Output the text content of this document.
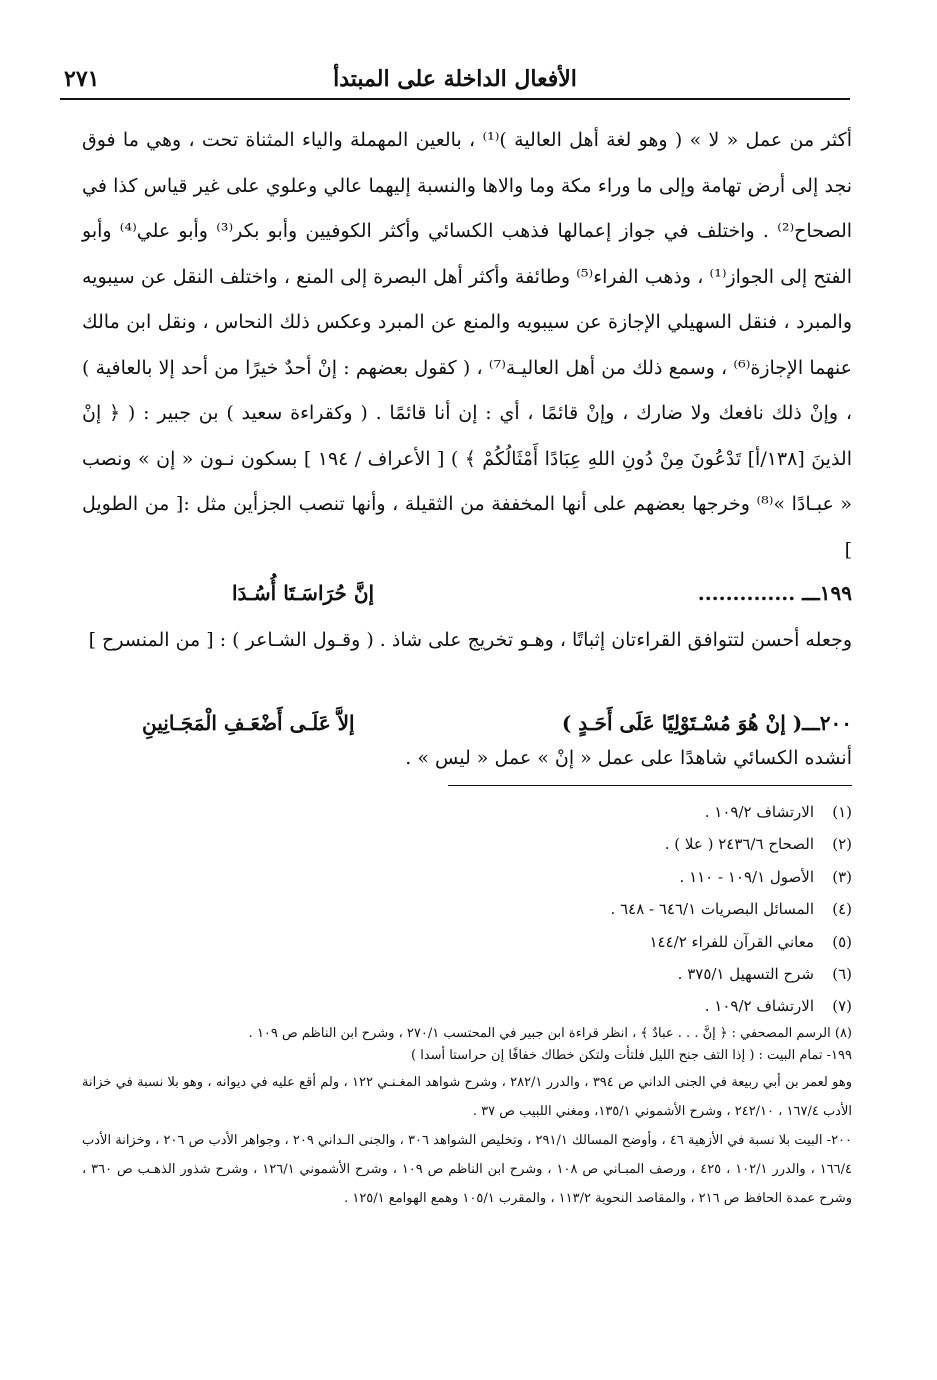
الأفعال الداخلة على المبتدأ
٢٧١

أكثر من عمل « لا » ( وهو لغة أهل العالية )⁽¹⁾ ، بالعين المهملة والياء المثناة تحت ، وهي ما فوق نجد إلى أرض تهامة وإلى ما وراء مكة وما والاها والنسبة إليهما عالي وعلوي على غير قياس كذا في الصحاح⁽²⁾ . واختلف في جواز إعمالها فذهب الكسائي وأكثر الكوفيين وأبو بكر⁽³⁾ وأبو علي⁽⁴⁾ وأبو الفتح إلى الجواز⁽¹⁾ ، وذهب الفراء⁽⁵⁾ وطائفة وأكثر أهل البصرة إلى المنع ، واختلف النقل عن سيبويه والمبرد ، فنقل السهيلي الإجازة عن سيبويه والمنع عن المبرد وعكس ذلك النحاس ، ونقل ابن مالك عنهما الإجازة⁽⁶⁾ ، وسمع ذلك من أهل العاليـة⁽⁷⁾ ، ( كقول بعضهم : إنْ أحدٌ خيرًا من أحد إلا بالعافية ) ، وإنْ ذلك نافعك ولا ضارك ، وإنْ قائمًا ، أي : إن أنا قائمًا . ( وكقراءة سعيد ) بن جبير : ( ﴿ إنْ الذينَ [١٣٨/أ] تَدْعُونَ مِنْ دُونِ اللهِ عِبَادًا أَمْثَالُكُمْ ﴾ ) [ الأعراف / ١٩٤ ] بسكون نـون « إن » ونصب « عبـادًا »⁽⁸⁾ وخرجها بعضهم على أنها المخففة من الثقيلة ، وأنها تنصب الجزأين مثل :[ من الطويل ]

١٩٩ـــ ..............
إنَّ حُرَاسَـتَا أُسُـدَا

وجعله أحسن لتتوافق القراءتان إثباتًا ، وهـو تخريج على شاذ . ( وقـول الشـاعر ) : [ من المنسرح ]

٢٠٠ـــ( إنْ هُوَ مُسْـتَوْلِيًا عَلَى أَحَـدٍ )
إلاَّ عَلَـى أَضْعَـفِ الْمَجَـانِينِ

أنشده الكسائي شاهدًا على عمل « إنْ » عمل « ليس » .

(١)الارتشاف ١٠٩/٢ .
(٢)الصحاح ٢٤٣٦/٦ ( علا ) .
(٣)الأصول ١٠٩/١ - ١١٠ .
(٤)المسائل البصريات ٦٤٦/١ - ٦٤٨ .
(٥)معاني القرآن للفراء ١٤٤/٢
(٦)شرح التسهيل ٣٧٥/١ .
(٧)الارتشاف ١٠٩/٢ .
(٨) الرسم المصحفي : ﴿ إنَّ . . . عبادٌ ﴾ ، انظر قراءة ابن جبير في المحتسب ٢٧٠/١ ، وشرح ابن الناظم ص ١٠٩ .
١٩٩- تمام البيت : ( إذا التف جنح الليل فلتأت ولتكن خطاك خفافًا إن حراستا أسدا )
وهو لعمر بن أبي ربيعة في الجنى الداني ص ٣٩٤ ، والدرر ٢٨٢/١ ، وشرح شواهد المغـنـي ١٢٢ ، ولم أقع عليه في ديوانه ، وهو بلا نسبة في خزانة الأدب ١٦٧/٤ ، ٢٤٢/١٠ ، وشرح الأشموني ١٣٥/١، ومغني اللبيب ص ٣٧ .
٢٠٠- البيت بلا نسبة في الأزهية ٤٦ ، وأوضح المسالك ٢٩١/١ ، وتخليص الشواهد ٣٠٦ ، والجنى الـداني ٢٠٩ ، وجواهر الأدب ص ٢٠٦ ، وخزانة الأدب ١٦٦/٤ ، والدرر ١٠٢/١ ، ٤٢٥ ، ورصف المبـاني ص ١٠٨ ، وشرح ابن الناظم ص ١٠٩ ، وشرح الأشموني ١٢٦/١ ، وشرح شذور الذهـب ص ٣٦٠ ، وشرح عمدة الحافظ ص ٢١٦ ، والمقاصد النحوية ١١٣/٢ ، والمقرب ١٠٥/١ وهمع الهوامع ١٢٥/١ .
